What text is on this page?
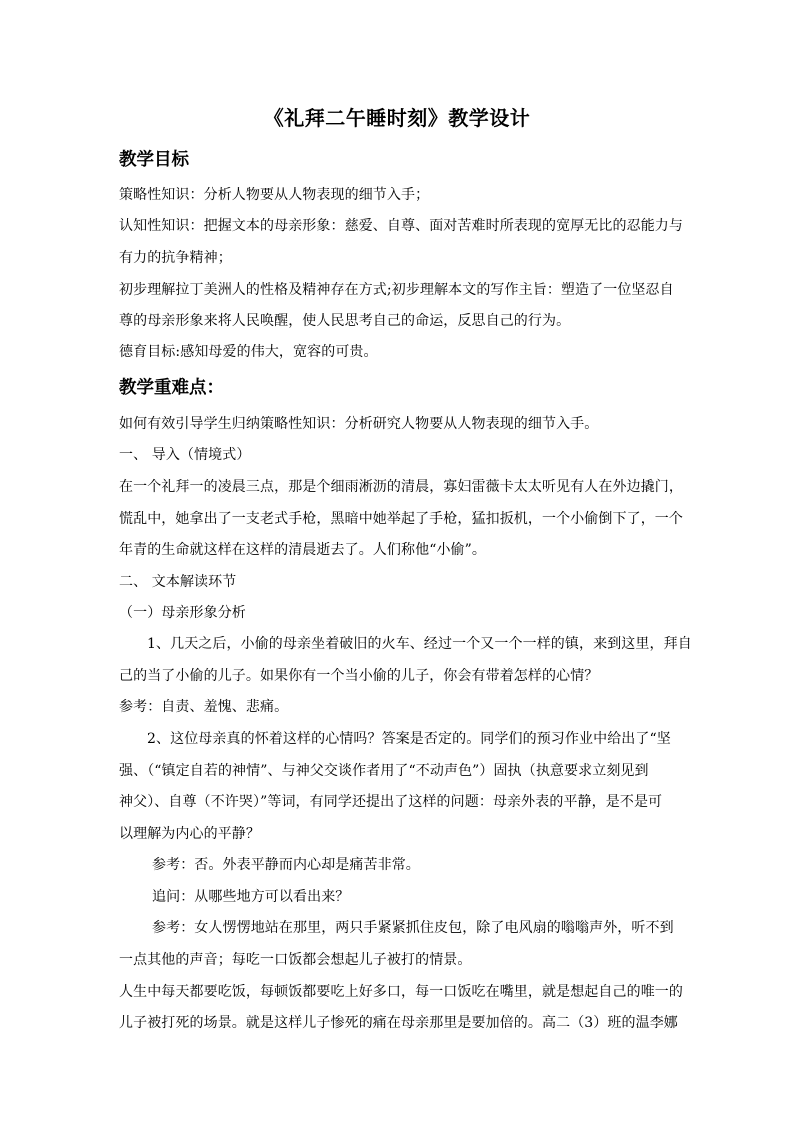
《礼拜二午睡时刻》教学设计
教学目标
策略性知识：分析人物要从人物表现的细节入手；
认知性知识：把握文本的母亲形象：慈爱、自尊、面对苦难时所表现的宽厚无比的忍能力与
有力的抗争精神；
初步理解拉丁美洲人的性格及精神存在方式;初步理解本文的写作主旨：塑造了一位坚忍自
尊的母亲形象来将人民唤醒，使人民思考自己的命运，反思自己的行为。
德育目标:感知母爱的伟大，宽容的可贵。
教学重难点：
如何有效引导学生归纳策略性知识：分析研究人物要从人物表现的细节入手。
一、 导入（情境式）
在一个礼拜一的凌晨三点，那是个细雨淅沥的清晨，寡妇雷薇卡太太听见有人在外边撬门，
慌乱中，她拿出了一支老式手枪，黑暗中她举起了手枪，猛扣扳机，一个小偷倒下了，一个
年青的生命就这样在这样的清晨逝去了。人们称他“小偷”。
二、 文本解读环节
（一）母亲形象分析
1、几天之后，小偷的母亲坐着破旧的火车、经过一个又一个一样的镇，来到这里，拜自
己的当了小偷的儿子。如果你有一个当小偷的儿子，你会有带着怎样的心情？
参考：自责、羞愧、悲痛。
2、这位母亲真的怀着这样的心情吗？答案是否定的。同学们的预习作业中给出了“坚
强、（“镇定自若的神情”、与神父交谈作者用了“不动声色”）固执（执意要求立刻见到
神父）、自尊（不许哭）”等词，有同学还提出了这样的问题：母亲外表的平静，是不是可
以理解为内心的平静？
参考：否。外表平静而内心却是痛苦非常。
追问：从哪些地方可以看出来？
参考：女人愣愣地站在那里，两只手紧紧抓住皮包，除了电风扇的嗡嗡声外，听不到
一点其他的声音；每吃一口饭都会想起儿子被打的情景。
人生中每天都要吃饭，每顿饭都要吃上好多口，每一口饭吃在嘴里，就是想起自己的唯一的
儿子被打死的场景。就是这样儿子惨死的痛在母亲那里是要加倍的。高二（3）班的温李娜
